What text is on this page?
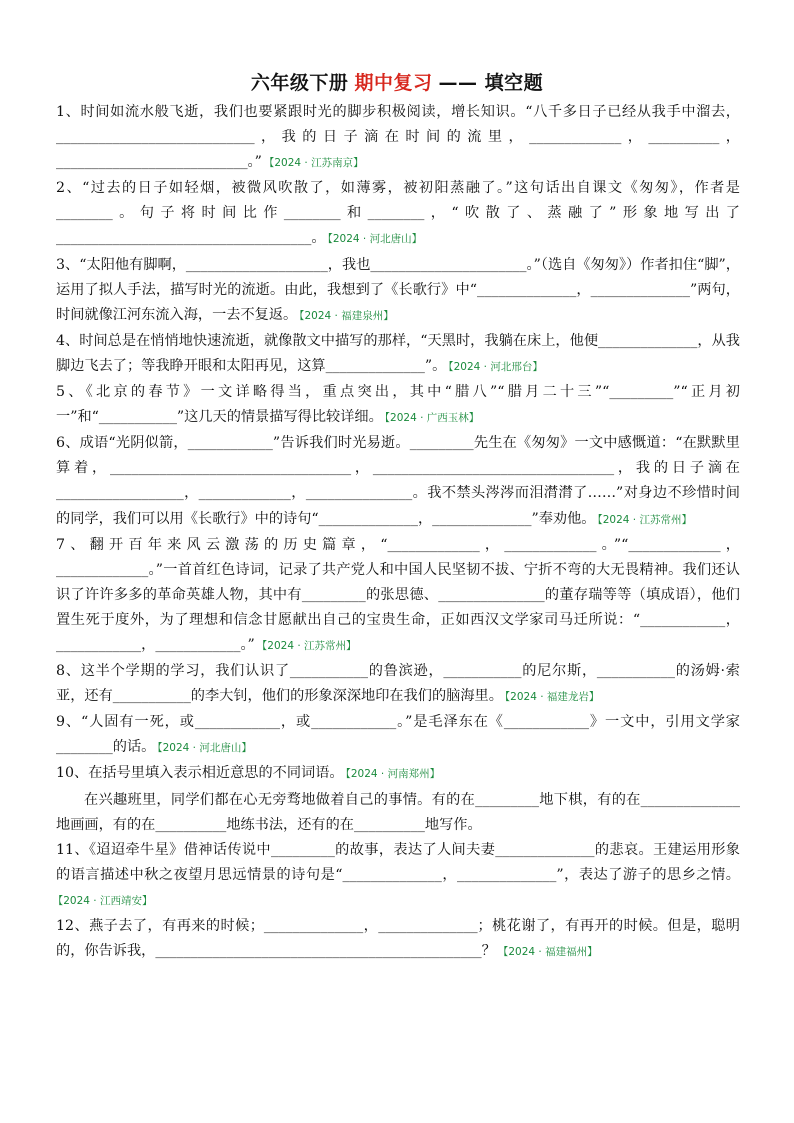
六年级下册 期中复习 —— 填空题

1、时间如流水般飞逝，我们也要紧跟时光的脚步积极阅读，增长知识。“八千多日子已经从我手中溜去，____________________________，我的日子滴在时间的流里，_____________，__________，___________________________。” 【2024 · 江苏南京】

2、“过去的日子如轻烟，被微风吹散了，如薄雾，被初阳蒸融了。”这句话出自课文《匆匆》，作者是________。句子将时间比作________和________，“吹散了、蒸融了”形象地写出了____________________________________。 【2024 · 河北唐山】

3、“太阳他有脚啊，____________________，我也______________________。”（选自《匆匆》）作者扣住“脚”，运用了拟人手法，描写时光的流逝。由此，我想到了《长歌行》中“______________，______________”两句，时间就像江河东流入海，一去不复返。 【2024 · 福建泉州】

4、时间总是在悄悄地快速流逝，就像散文中描写的那样，“天黑时，我躺在床上，他便______________，从我脚边飞去了；等我睁开眼和太阳再见，这算______________”。 【2024 · 河北邢台】

5、《北京的春节》一文详略得当，重点突出，其中“腊八”“腊月二十三”“_________”“正月初一”和“___________”这几天的情景描写得比较详细。 【2024 · 广西玉林】

6、成语“光阴似箭，____________”告诉我们时光易逝。_________先生在《匆匆》一文中感慨道：“在默默里算着，__________________________________，__________________________________，我的日子滴在__________________，_____________，_______________。我不禁头涔涔而泪潸潸了……”对身边不珍惜时间的同学，我们可以用《长歌行》中的诗句“______________，______________”奉劝他。 【2024 · 江苏常州】

7、翻开百年来风云激荡的历史篇章，“_____________，_____________。”“_____________，_____________。”一首首红色诗词，记录了共产党人和中国人民坚韧不拔、宁折不弯的大无畏精神。我们还认识了许许多多的革命英雄人物，其中有_________的张思德、_______________的董存瑞等等（填成语），他们置生死于度外，为了理想和信念甘愿献出自己的宝贵生命，正如西汉文学家司马迁所说：“____________，____________，____________。” 【2024 · 江苏常州】

8、这半个学期的学习，我们认识了___________的鲁滨逊，___________的尼尔斯，___________的汤姆·索亚，还有___________的李大钊，他们的形象深深地印在我们的脑海里。 【2024 · 福建龙岩】

9、“人固有一死，或____________，或____________。”是毛泽东在《____________》一文中，引用文学家________的话。 【2024 · 河北唐山】

10、在括号里填入表示相近意思的不同词语。 【2024 · 河南郑州】

在兴趣班里，同学们都在心无旁骛地做着自己的事情。有的在_________地下棋，有的在______________地画画，有的在__________地练书法，还有的在__________地写作。

11、《迢迢牵牛星》借神话传说中_________的故事，表达了人间夫妻______________的悲哀。王建运用形象的语言描述中秋之夜望月思远情景的诗句是“______________，______________”，表达了游子的思乡之情。【2024 · 江西靖安】

12、燕子去了，有再来的时候；______________，______________；桃花谢了，有再开的时候。但是，聪明的，你告诉我，______________________________________________？ 【2024 · 福建福州】
